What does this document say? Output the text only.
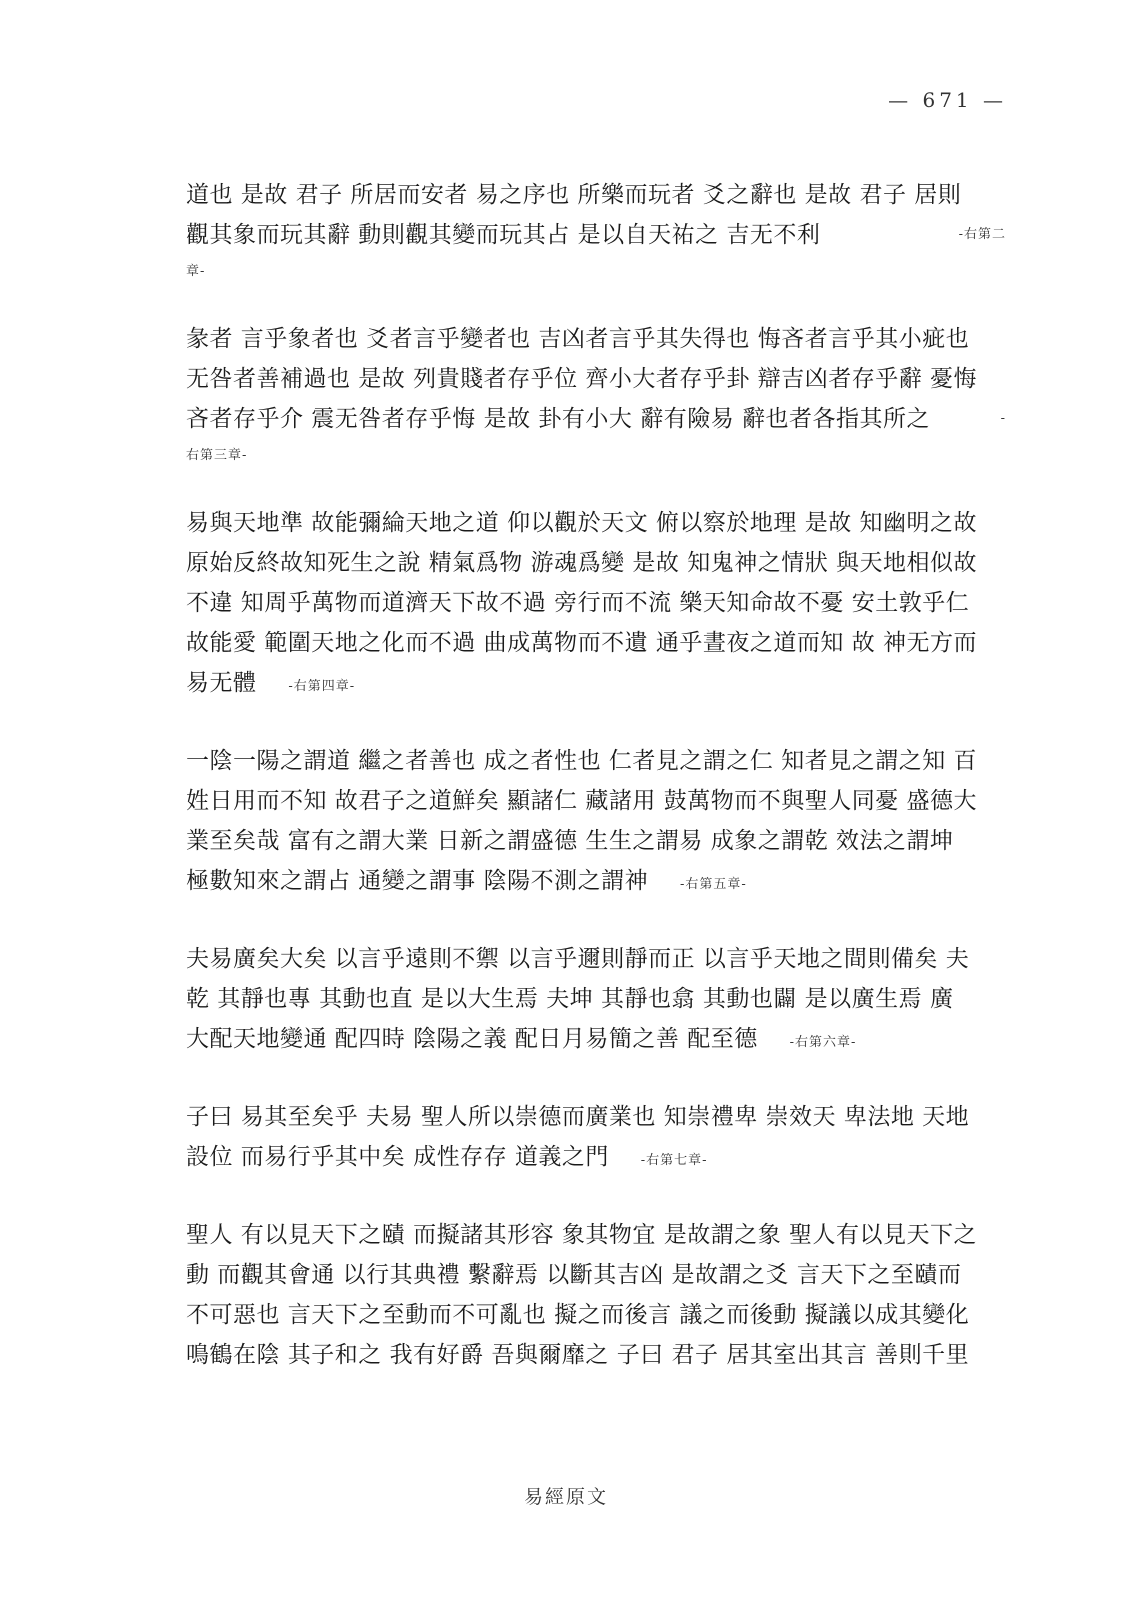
— 671 —
道也 是故 君子 所居而安者 易之序也 所樂而玩者 爻之辭也 是故 君子 居則
觀其象而玩其辭 動則觀其變而玩其占 是以自天祐之 吉无不利	-右第二
章-
彖者 言乎象者也 爻者言乎變者也 吉凶者言乎其失得也 悔吝者言乎其小疵也
无咎者善補過也 是故 列貴賤者存乎位 齊小大者存乎卦 辯吉凶者存乎辭 憂悔
吝者存乎介 震无咎者存乎悔 是故 卦有小大 辭有險易 辭也者各指其所之	-
右第三章-
易與天地準 故能彌綸天地之道 仰以觀於天文 俯以察於地理 是故 知幽明之故
原始反終故知死生之說 精氣爲物 游魂爲變 是故 知鬼神之情狀 與天地相似故
不違 知周乎萬物而道濟天下故不過 旁行而不流 樂天知命故不憂 安土敦乎仁
故能愛 範圍天地之化而不過 曲成萬物而不遺 通乎晝夜之道而知 故 神无方而
易无體 -右第四章-
一陰一陽之謂道 繼之者善也 成之者性也 仁者見之謂之仁 知者見之謂之知 百
姓日用而不知 故君子之道鮮矣 顯諸仁 藏諸用 鼓萬物而不與聖人同憂 盛德大
業至矣哉 富有之謂大業 日新之謂盛德 生生之謂易 成象之謂乾 效法之謂坤
極數知來之謂占 通變之謂事 陰陽不測之謂神 -右第五章-
夫易廣矣大矣 以言乎遠則不禦 以言乎邇則靜而正 以言乎天地之間則備矣 夫
乾 其靜也專 其動也直 是以大生焉 夫坤 其靜也翕 其動也闢 是以廣生焉 廣
大配天地變通 配四時 陰陽之義 配日月易簡之善 配至德 -右第六章-
子曰 易其至矣乎 夫易 聖人所以崇德而廣業也 知崇禮卑 崇效天 卑法地 天地
設位 而易行乎其中矣 成性存存 道義之門 -右第七章-
聖人 有以見天下之賾 而擬諸其形容 象其物宜 是故謂之象 聖人有以見天下之
動 而觀其會通 以行其典禮 繫辭焉 以斷其吉凶 是故謂之爻 言天下之至賾而
不可惡也 言天下之至動而不可亂也 擬之而後言 議之而後動 擬議以成其變化
鳴鶴在陰 其子和之 我有好爵 吾與爾靡之 子曰 君子 居其室出其言 善則千里
易經原文
